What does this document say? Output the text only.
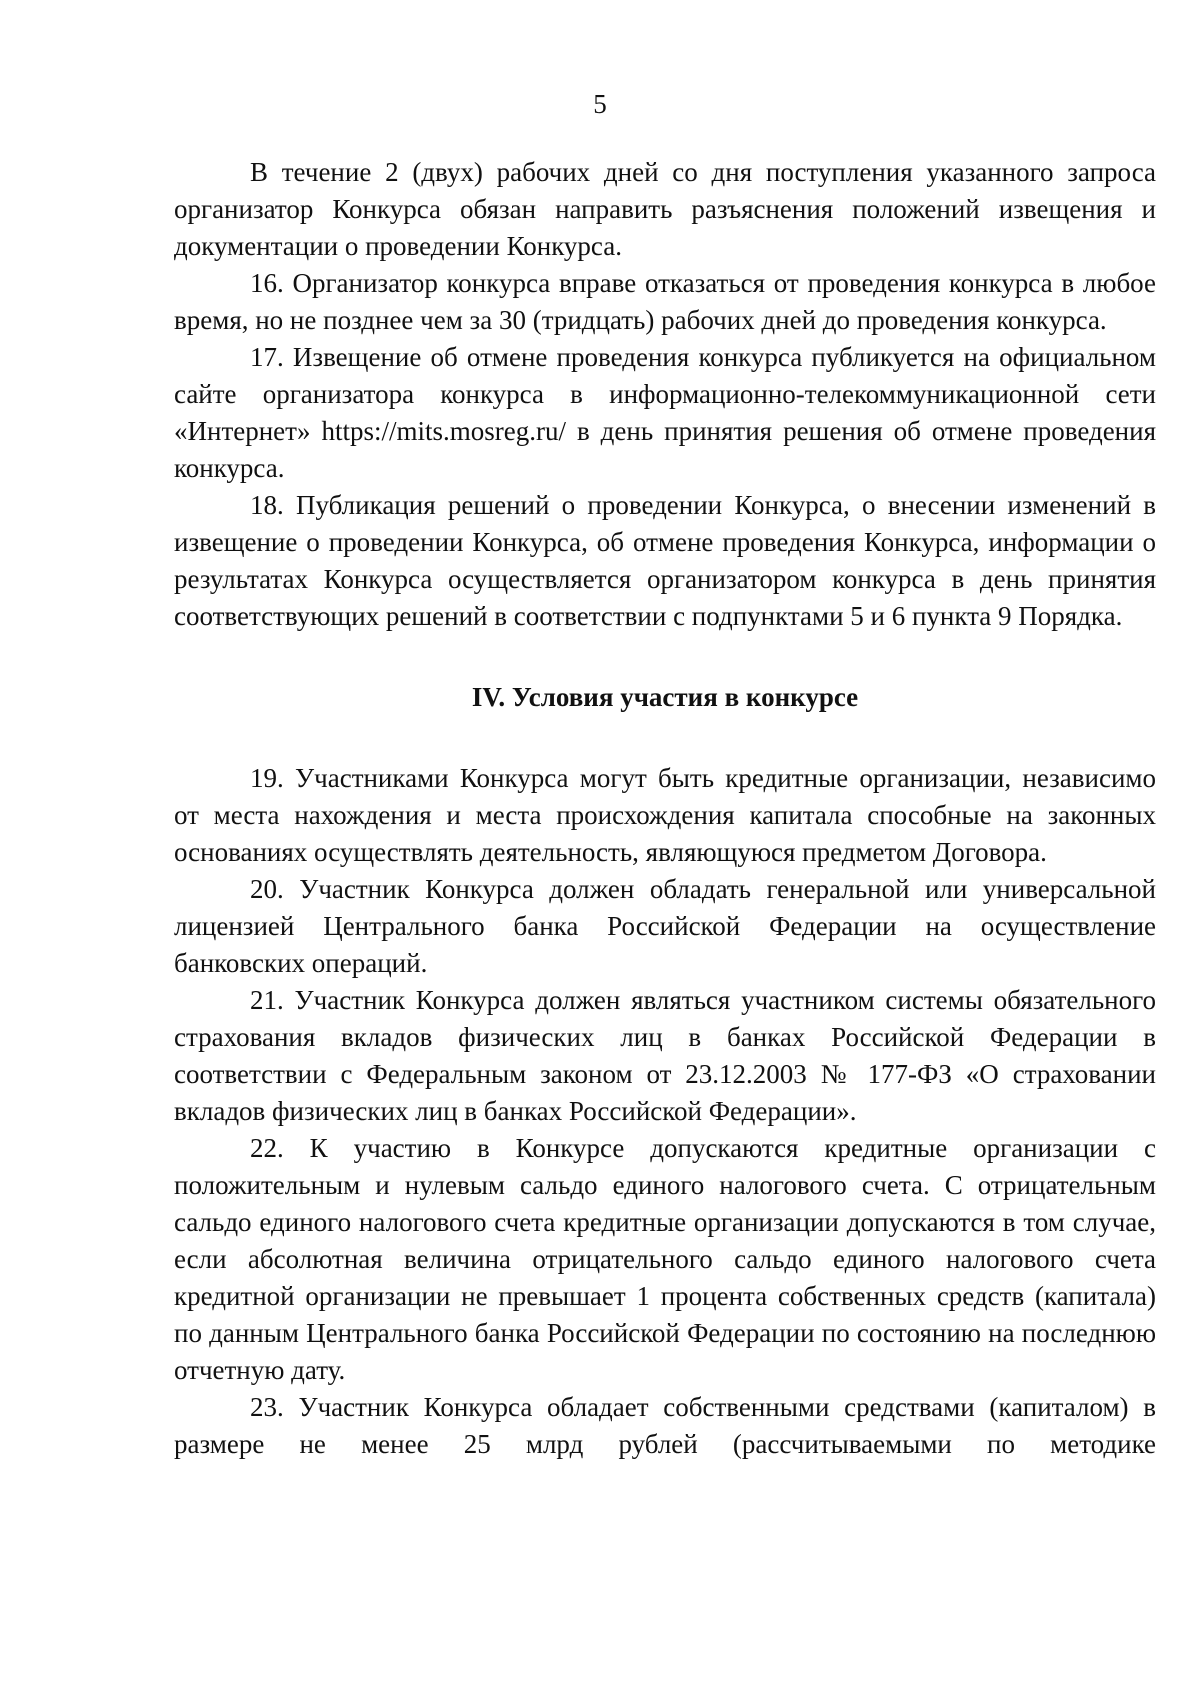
5

В течение 2 (двух) рабочих дней со дня поступления указанного запроса организатор Конкурса обязан направить разъяснения положений извещения и документации о проведении Конкурса.

16. Организатор конкурса вправе отказаться от проведения конкурса в любое время, но не позднее чем за 30 (тридцать) рабочих дней до проведения конкурса.

17. Извещение об отмене проведения конкурса публикуется на официальном сайте организатора конкурса в информационно-телекоммуникационной сети «Интернет» https://mits.mosreg.ru/ в день принятия решения об отмене проведения конкурса.

18. Публикация решений о проведении Конкурса, о внесении изменений в извещение о проведении Конкурса, об отмене проведения Конкурса, информации о результатах Конкурса осуществляется организатором конкурса в день принятия соответствующих решений в соответствии с подпунктами 5 и 6 пункта 9 Порядка.

IV. Условия участия в конкурсе

19. Участниками Конкурса могут быть кредитные организации, независимо от места нахождения и места происхождения капитала способные на законных основаниях осуществлять деятельность, являющуюся предметом Договора.

20. Участник Конкурса должен обладать генеральной или универсальной лицензией Центрального банка Российской Федерации на осуществление банковских операций.

21. Участник Конкурса должен являться участником системы обязательного страхования вкладов физических лиц в банках Российской Федерации в соответствии с Федеральным законом от 23.12.2003 № 177-ФЗ «О страховании вкладов физических лиц в банках Российской Федерации».

22. К участию в Конкурсе допускаются кредитные организации с положительным и нулевым сальдо единого налогового счета. С отрицательным сальдо единого налогового счета кредитные организации допускаются в том случае, если абсолютная величина отрицательного сальдо единого налогового счета кредитной организации не превышает 1 процента собственных средств (капитала) по данным Центрального банка Российской Федерации по состоянию на последнюю отчетную дату.

23. Участник Конкурса обладает собственными средствами (капиталом) в размере не менее 25 млрд рублей (рассчитываемыми по методике
